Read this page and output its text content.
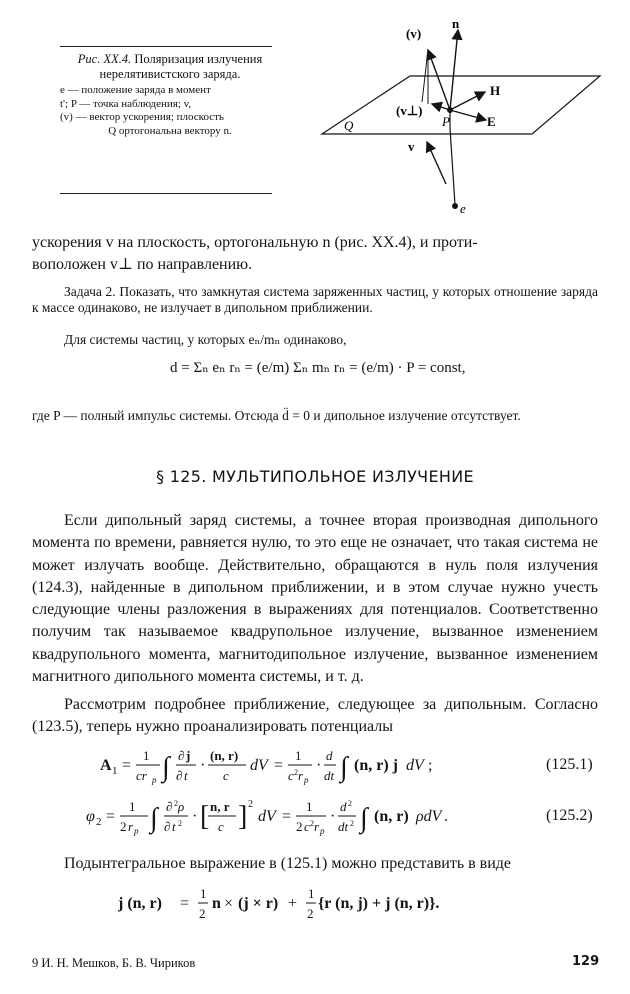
Рис. XX.4. Поляризация излучения нерелятивистского заряда.
e — положение заряда в момент
t'; P — точка наблюдения; v,
(v) — вектор ускорения; плоскость
Q ортогональна вектору n.
(v)
n
H
E
(v⊥)
P
Q
v
e
ускорения v на плоскость, ортогональную n (рис. XX.4), и проти-
воположен v⊥ по направлению.
Задача 2. Показать, что замкнутая система заряженных частиц, у которых отношение заряда к массе одинаково, не излучает в дипольном приближении.
Для системы частиц, у которых eₙ/mₙ одинаково,
d = Σₙ eₙ rₙ = (e/m) Σₙ mₙ rₙ = (e/m) · P = const,
где P — полный импульс системы. Отсюда d̈ = 0 и дипольное излучение отсутствует.
§ 125. МУЛЬТИПОЛЬНОЕ ИЗЛУЧЕНИЕ
Если дипольный заряд системы, а точнее вторая производная дипольного момента по времени, равняется нулю, то это еще не означает, что такая система не может излучать вообще. Действительно, обращаются в нуль поля излучения (124.3), найденные в дипольном приближении, и в этом случае нужно учесть следующие члены разложения в выражениях для потенциалов. Соответственно получим так называемое квадрупольное излучение, вызванное изменением квадрупольного момента, магнитодипольное излучение, вызванное изменением магнитного дипольного момента системы, и т. д.
Рассмотрим подробнее приближение, следующее за дипольным. Согласно (123.5), теперь нужно проанализировать потенциалы
A 1 =
1
cr p ∫ ∂ j
∂ t
·
(n, r)
c
dV =
1
c 2 r p
·
d
dt ∫ (n, r) j dV ;	(125.1)
φ 2 =
1
2 r p ∫ ∂ 2 ρ
∂ t 2 · [ n, r
c ] 2
dV =
1
2 c 2 r p
·
d 2
dt 2 ∫ (n, r) ρdV .	(125.2)
Подынтегральное выражение в (125.1) можно представить в виде
j (n, r) =
1
2
n × (j × r) +
1
2
{r (n, j) + j (n, r)}.
9 И. Н. Мешков, Б. В. Чириков	129
